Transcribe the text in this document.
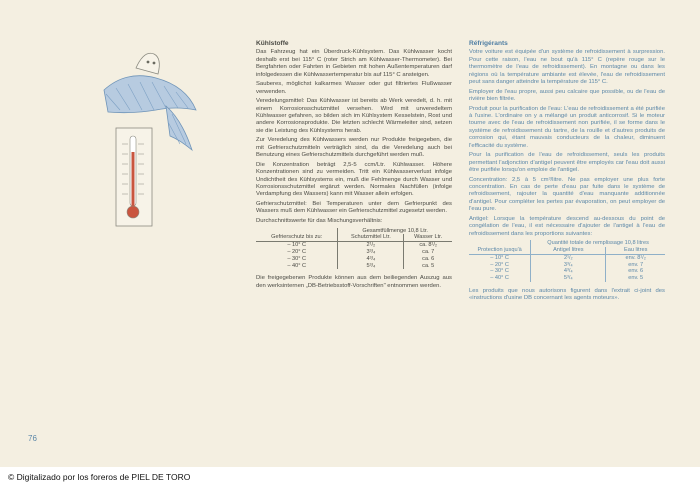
Kühlstoffe

Das Fahrzeug hat ein Überdruck-Kühlsystem. Das Kühlwasser kocht deshalb erst bei 115° C (roter Strich am Kühlwasser-Thermometer). Bei Bergfahrten oder Fahrten in Gebieten mit hohen Außentemperaturen darf infolgedessen die Kühlwassertemperatur bis auf 115° C ansteigen.

Sauberes, möglichst kalkarmes Wasser oder gut filtriertes Flußwasser verwenden.

Veredelungsmittel: Das Kühlwasser ist bereits ab Werk veredelt, d. h. mit einem Korrosionsschutzmittel versehen. Wird mit unveredeltem Kühlwasser gefahren, so bilden sich im Kühlsystem Kesselstein, Rost und andere Korrosionsprodukte. Die letzten schlecht Wärmeleiter sind, setzen sie die Leistung des Kühlsystems herab.

Zur Veredelung des Kühlwassers werden nur Produkte freigegeben, die mit Gefrierschutzmitteln verträglich sind, da die Veredelung auch bei Benutzung eines Gefrierschutzmittels durchgeführt werden muß.

Die Konzentration beträgt 2,5-5 ccm/Ltr. Kühlwasser. Höhere Konzentrationen sind zu vermeiden. Tritt ein Kühlwasserverlust infolge Undichtheit des Kühlsystems ein, muß die Fehlmenge durch Wasser und Korrosionsschutzmittel ergänzt werden. Normales Nachfüllen (infolge Verdampfung des Wassers) kann mit Wasser allein erfolgen.

Gefrierschutzmittel: Bei Temperaturen unter dem Gefrierpunkt des Wassers muß dem Kühlwasser ein Gefrierschutzmittel zugesetzt werden.

Durchschnittswerte für das Mischungsverhältnis:

Gefrierschutz bis zu:	Gesamtfüllmenge 10,8 Ltr.	
	Schutzmittel Ltr.	Wasser Ltr.
– 10° C	2¹/₂	ca. 8¹/₂
– 20° C	3³/₄	ca. 7
– 30° C	4³/₄	ca. 6
– 40° C	5³/₄	ca. 5

Die freigegebenen Produkte können aus dem beiliegenden Auszug aus den werksinternen „DB-Betriebsstoff-Vorschriften" entnommen werden.

Réfrigérants

Votre voiture est équipée d'un système de refroidissement à surpression. Pour cette raison, l'eau ne bout qu'à 115° C (repère rouge sur le thermomètre de l'eau de refroidissement). En montagne ou dans les régions où la température ambiante est élevée, l'eau de refroidissement peut sans danger atteindre la température de 115° C.

Employer de l'eau propre, aussi peu calcaire que possible, ou de l'eau de rivière bien filtrée.

Produit pour la purification de l'eau: L'eau de refroidissement a été purifiée à l'usine. L'ordinaire on y a mélangé un produit anticorrosif. Si le moteur tourne avec de l'eau de refroidissement non purifiée, il se forme dans le système de refroidissement du tartre, de la rouille et d'autres produits de corrosion qui, étant mauvais conducteurs de la chaleur, diminuent l'efficacité du système.

Pour la purification de l'eau de refroidissement, seuls les produits permettant l'adjonction d'antigel peuvent être employés car l'eau doit aussi être purifiée lorsqu'on emploie de l'antigel.

Concentration: 2,5 à 5 cm³/litre. Ne pas employer une plus forte concentration. En cas de perte d'eau par fuite dans le système de refroidissement, rajouter la quantité d'eau manquante additionnée d'antigel. Pour compléter les pertes par évaporation, on peut employer de l'eau pure.

Antigel: Lorsque la température descend au-dessous du point de congélation de l'eau, il est nécessaire d'ajouter de l'antigel à l'eau de refroidissement dans les proportions suivantes:

Protection jusqu'à	Quantité totale de remplissage 10,8 litres	
	Antigel litres	Eau litres
– 10° C	2¹/₂	env. 8¹/₂
– 20° C	3³/₄	env. 7
– 30° C	4³/₄	env. 6
– 40° C	5³/₄	env. 5

Les produits que nous autorisons figurent dans l'extrait ci-joint des «instructions d'usine DB concernant les agents moteurs».

76
© Digitalizado por los foreros de PIEL DE TORO
